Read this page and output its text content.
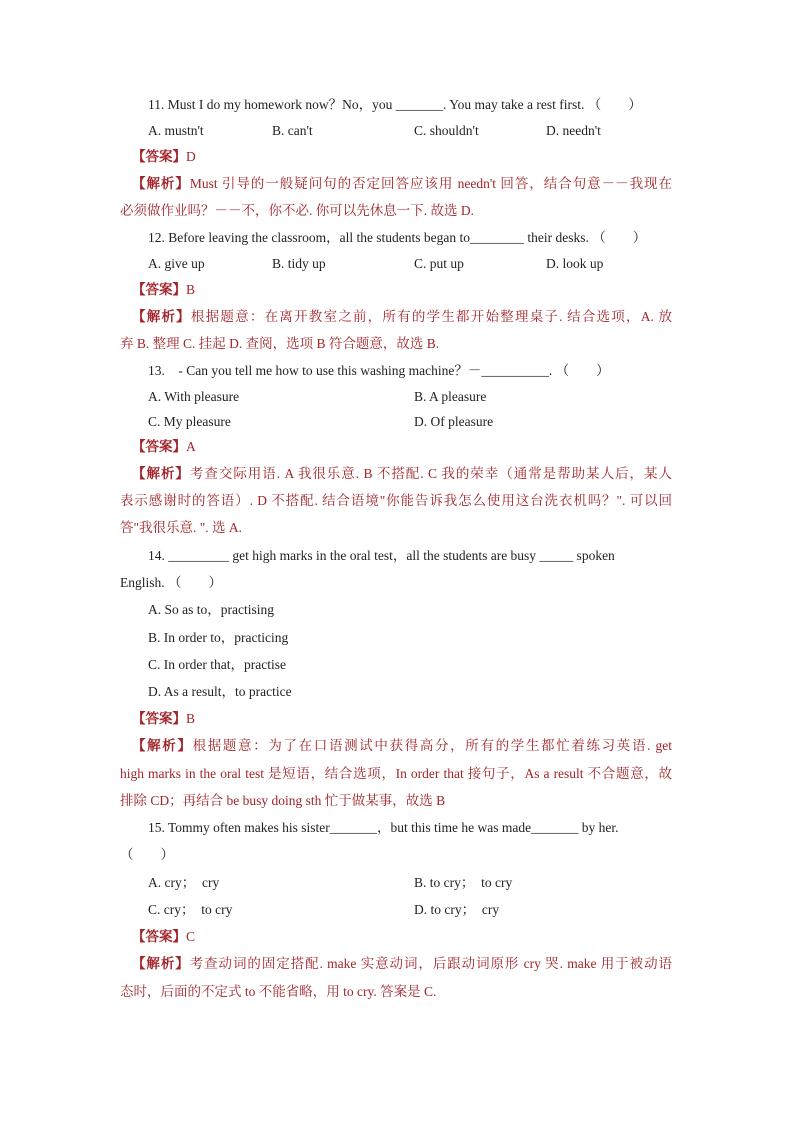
11. Must I do my homework now？No，you _______. You may take a rest first. （　　）
A. mustn't	B. can't	C. shouldn't	D. needn't
【答案】D
【解析】Must 引导的一般疑问句的否定回答应该用 needn't 回答，结合句意－－我现在
必须做作业吗？－－不，你不必. 你可以先休息一下. 故选 D.
12. Before leaving the classroom，all the students began to________ their desks. （　　）
A. give up	B. tidy up	C. put up	D. look up
【答案】B
【解析】根据题意：在离开教室之前，所有的学生都开始整理桌子. 结合选项，A. 放
弃 B. 整理 C. 挂起 D. 查阅，选项 B 符合题意，故选 B.
13.　- Can you tell me how to use this washing machine？－__________. （　　）
A. With pleasure	B. A pleasure
C. My pleasure	D. Of pleasure
【答案】A
【解析】考查交际用语. A 我很乐意. B 不搭配. C 我的荣幸（通常是帮助某人后，某人
表示感谢时的答语）. D 不搭配. 结合语境"你能告诉我怎么使用这台洗衣机吗？". 可以回
答"我很乐意. ". 选 A.
14. _________ get high marks in the oral test，all the students are busy _____ spoken
English. （　　）
A. So as to，practising
B. In order to，practicing
C. In order that，practise
D. As a result，to practice
【答案】B
【解析】根据题意：为了在口语测试中获得高分，所有的学生都忙着练习英语. get
high marks in the oral test 是短语，结合选项，In order that 接句子，As a result 不合题意，故
排除 CD；再结合 be busy doing sth 忙于做某事，故选 B
15. Tommy often makes his sister_______，but this time he was made_______ by her.
（　　）
A. cry；　cry	B. to cry；　to cry
C. cry；　to cry	D. to cry；　cry
【答案】C
【解析】考查动词的固定搭配. make 实意动词，后跟动词原形 cry 哭. make 用于被动语
态时，后面的不定式 to 不能省略，用 to cry. 答案是 C.
